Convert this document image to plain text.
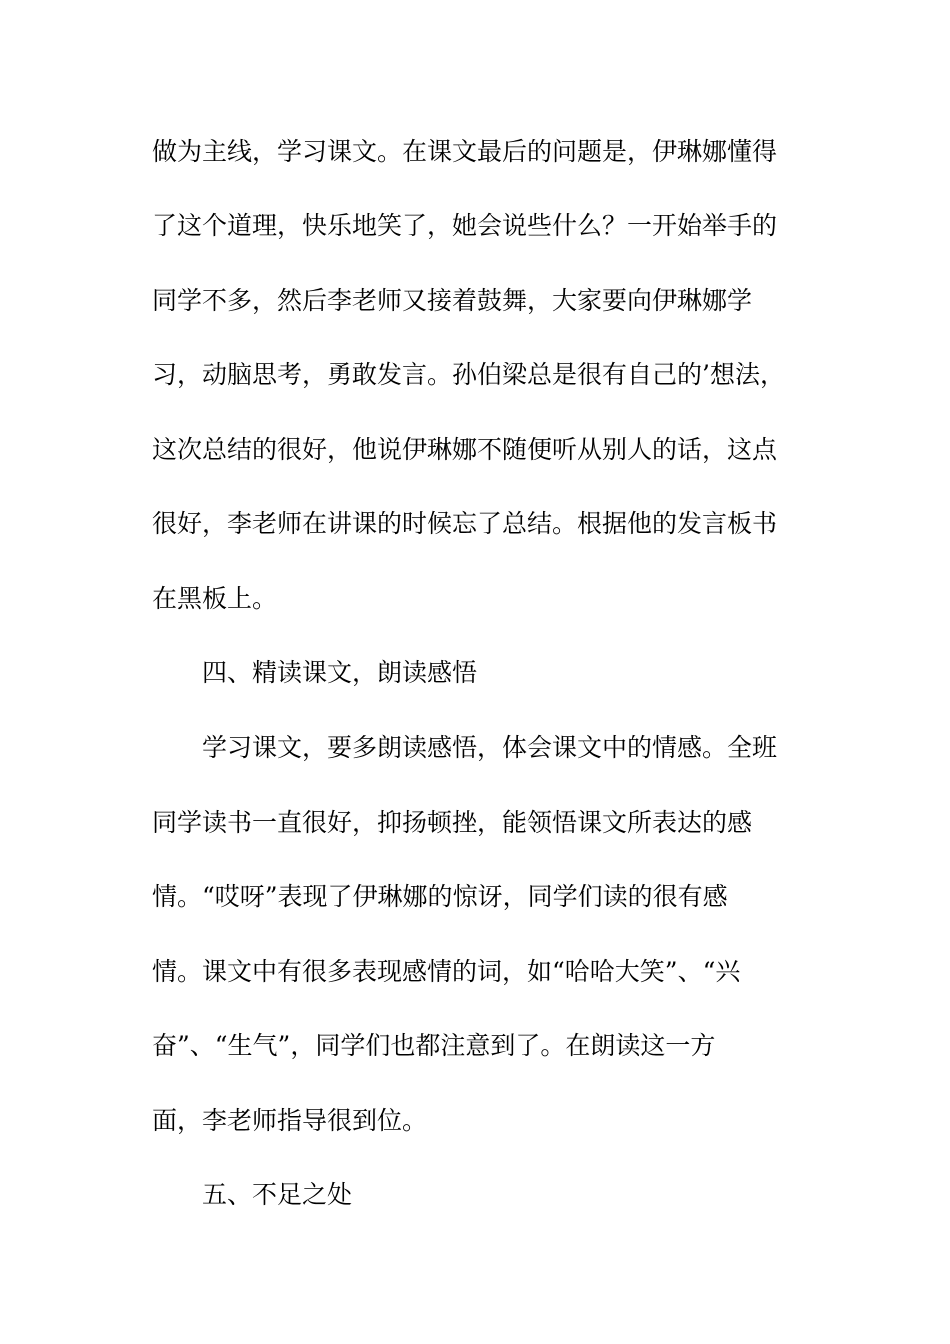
做为主线，学习课文。在课文最后的问题是，伊琳娜懂得
了这个道理，快乐地笑了，她会说些什么？一开始举手的
同学不多，然后李老师又接着鼓舞，大家要向伊琳娜学
习，动脑思考，勇敢发言。孙伯梁总是很有自己的’想法，
这次总结的很好，他说伊琳娜不随便听从别人的话，这点
很好，李老师在讲课的时候忘了总结。根据他的发言板书
在黑板上。
四、精读课文，朗读感悟
学习课文，要多朗读感悟，体会课文中的情感。全班
同学读书一直很好，抑扬顿挫，能领悟课文所表达的感
情。“哎呀”表现了伊琳娜的惊讶，同学们读的很有感
情。课文中有很多表现感情的词，如“哈哈大笑”、“兴
奋”、“生气”，同学们也都注意到了。在朗读这一方
面，李老师指导很到位。
五、不足之处
